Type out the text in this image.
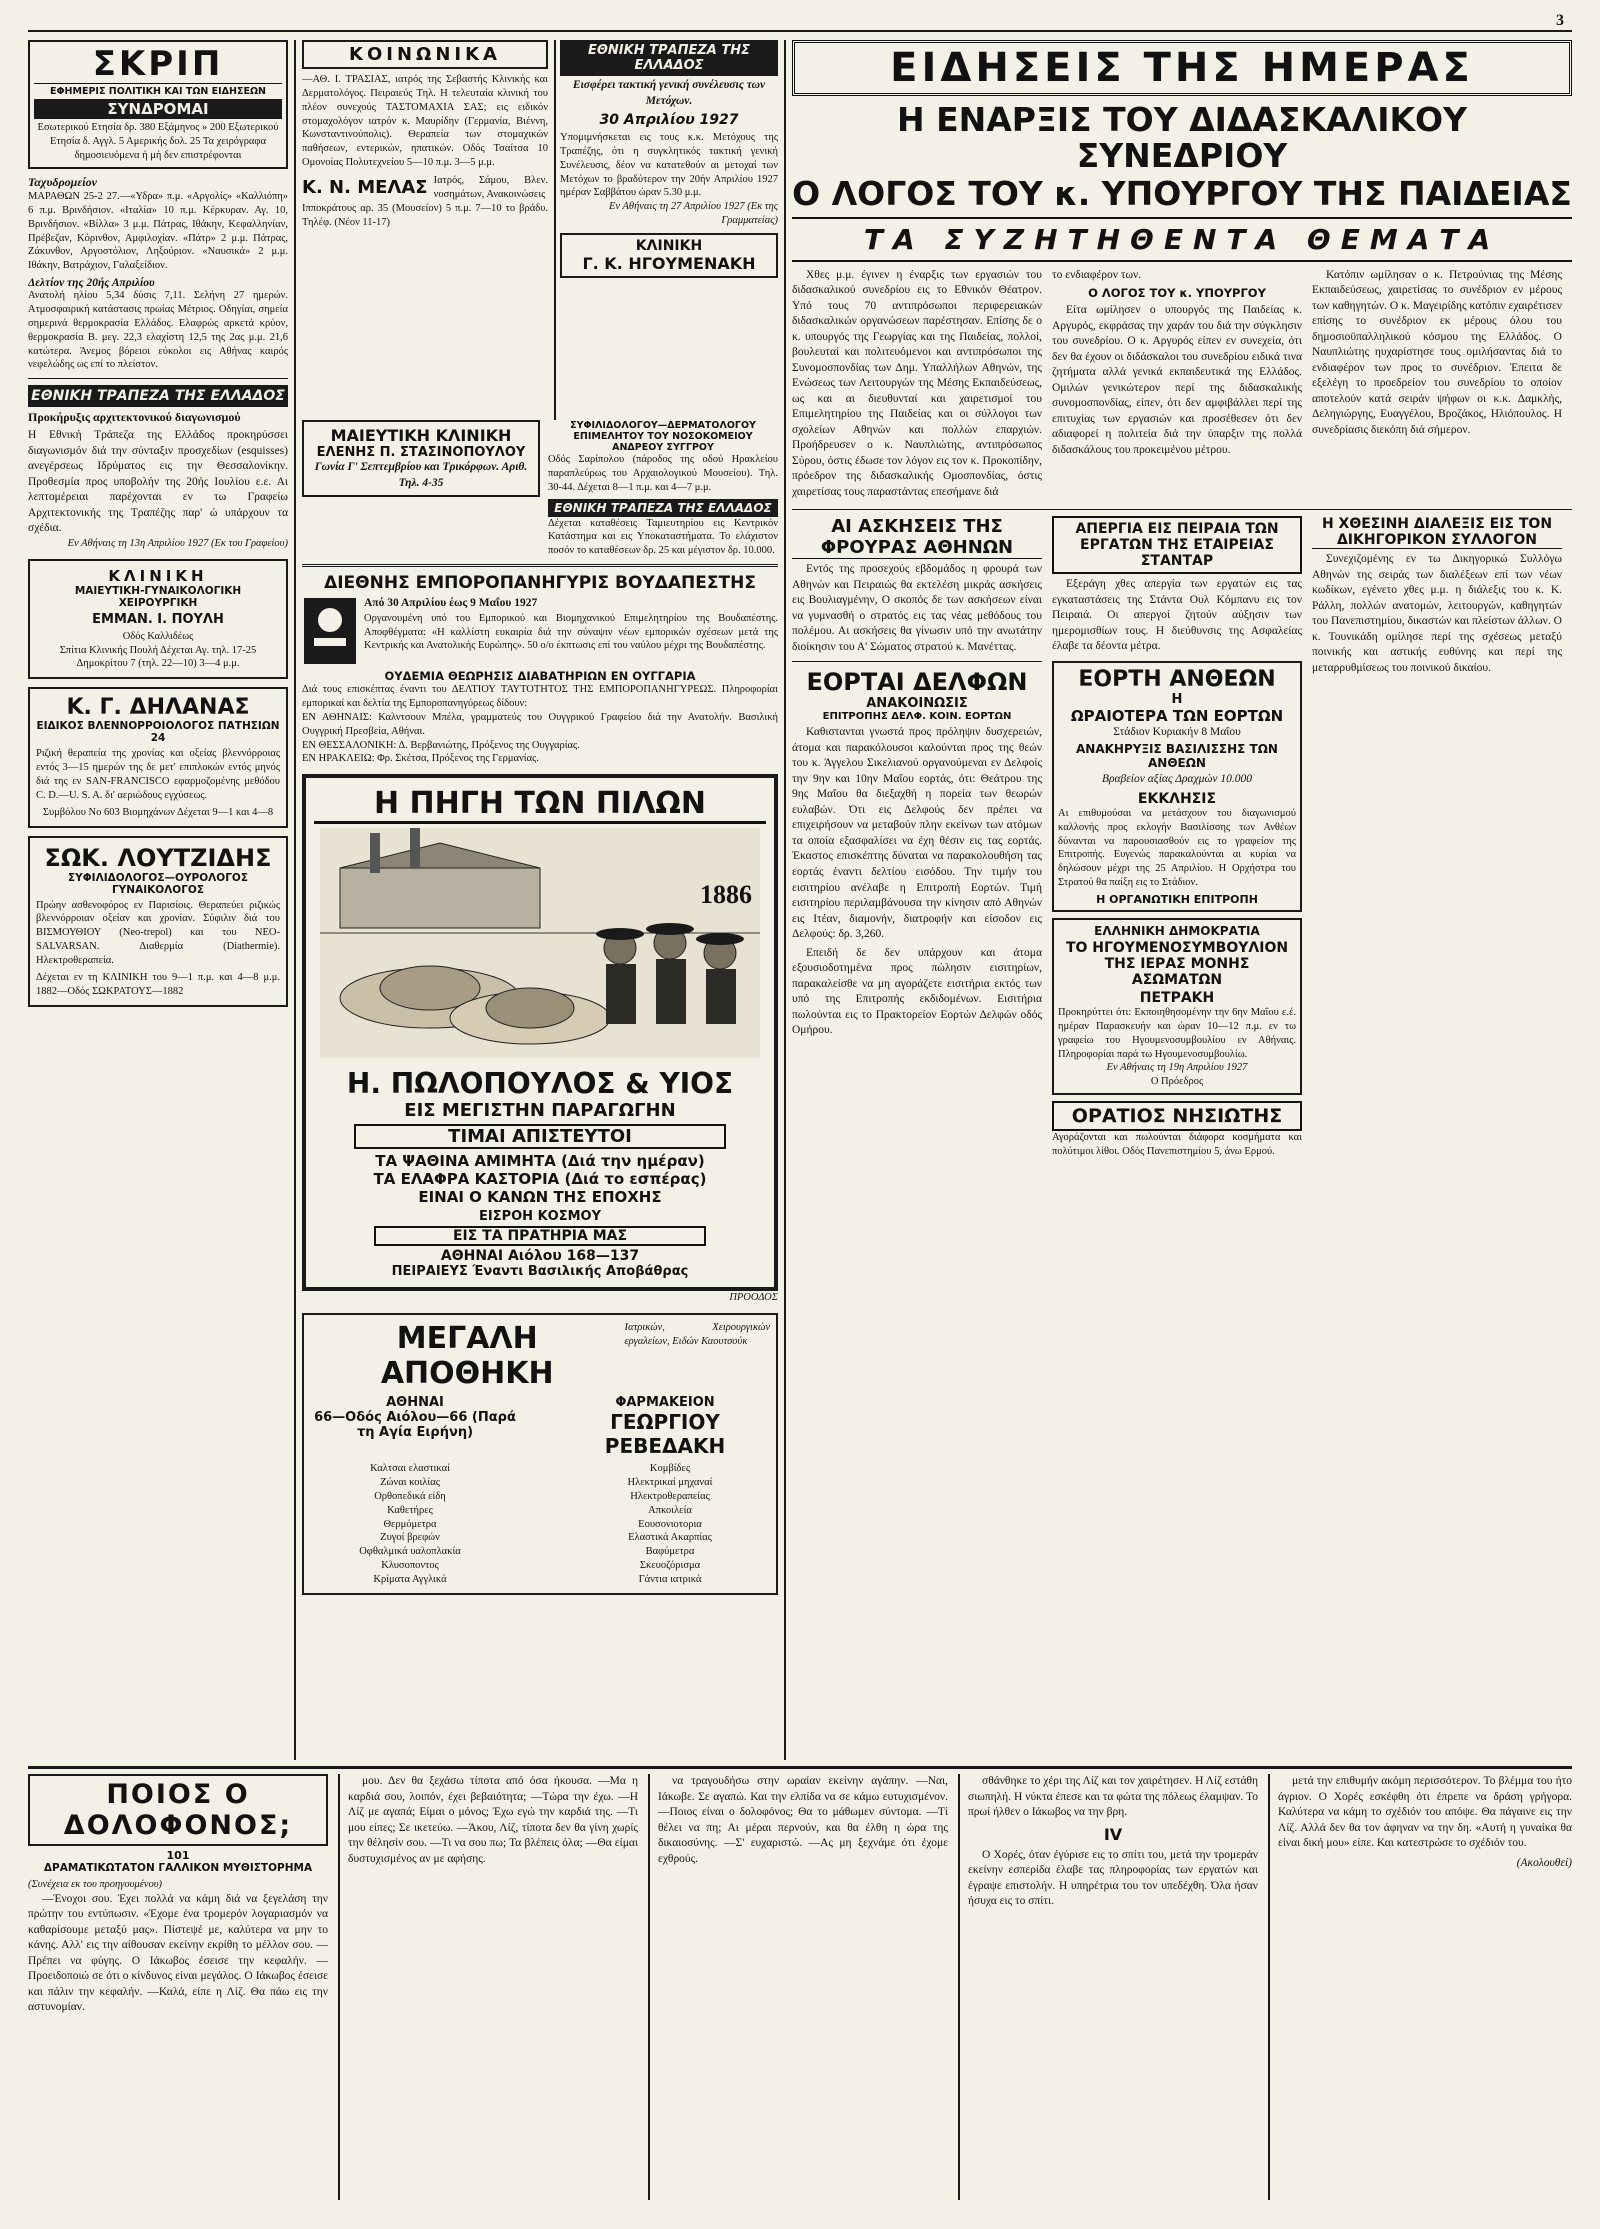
3
ΣΚΡΙΠ
ΕΦΗΜΕΡΙΣ ΠΟΛΙΤΙΚΗ ΚΑΙ ΤΩΝ ΕΙΔΗΣΕΩΝ
ΣΥΝΔΡΟΜΑΙ
Εσωτερικού Ετησία δρ. 380 Εξάμηνος » 200 Εξωτερικού Ετησία δ. Αγγλ. 5 Αμερικής δολ. 25 Τα χειρόγραφα δημοσιευόμενα ή μή δεν επιστρέφονται
Ταχυδρομείον
ΜΑΡΑΘΩΝ 25-2 27.—«Υδρα» π.μ. «Αργολίς» «Καλλιόπη» 6 π.μ. Βρινδήσιον. «Ιταλία» 10 π.μ. Κέρκυραν. Αγ. 10, Βρινδήσιον. «Βίλλα» 3 μ.μ. Πάτρας, Ιθάκην, Κεφαλληνίαν, Πρέβεζαν, Κόρινθον, Αμφιλοχίαν. «Πάτρ» 2 μ.μ. Πάτρας, Ζάκυνθον, Αργοστόλιον, Ληξούριον. «Ναυσικά» 2 μ.μ. Ιθάκην, Βατράχιον, Γαλαξείδιον.
Δελτίον της 20ής Απριλίου
Ανατολή ηλίου 5,34 δύσις 7,11. Σελήνη 27 ημερών. Ατμοσφαιρική κατάστασις πρωίας Μέτριος. Οδηγίαι, σημεία σημερινά θερμοκρασία Ελλάδος. Ελαφρώς αρκετά κρύον, θερμοκρασία Β. μεγ. 22,3 ελαχίστη 12,5 της 2ας μ.μ. 21,6 κατώτερα. Άνεμος βόρειοι εύκολοι εις Αθήνας καιρός νεφελώδης ως επί το πλείστον.
ΕΘΝΙΚΗ ΤΡΑΠΕΖΑ ΤΗΣ ΕΛΛΑΔΟΣ
Προκήρυξις αρχιτεκτονικού διαγωνισμού
Η Εθνική Τράπεζα της Ελλάδος προκηρύσσει διαγωνισμόν διά την σύνταξιν προσχεδίων (esquisses) ανεγέρσεως Ιδρύματος εις την Θεσσαλονίκην. Προθεσμία προς υποβολήν της 20ής Ιουλίου ε.ε. Αι λεπτομέρειαι παρέχονται εν τω Γραφείω Αρχιτεκτονικής της Τραπέζης παρ' ώ υπάρχουν τα σχέδια.
Εν Αθήναις τη 13η Απριλίου 1927 (Εκ του Γραφείου)
ΚΛΙΝΙΚΗ
ΜΑΙΕΥΤΙΚΗ-ΓΥΝΑΙΚΟΛΟΓΙΚΗ ΧΕΙΡΟΥΡΓΙΚΗ
ΕΜΜΑΝ. Ι. ΠΟΥΛΗ
Οδός Καλλιδέως
Σπίτια Κλινικής Πουλή Δέχεται Αγ. τηλ. 17-25 Δημοκρίτου 7 (τηλ. 22—10) 3—4 μ.μ.
Κ. Γ. ΔΗΛΑΝΑΣ
ΕΙΔΙΚΟΣ ΒΛΕΝΝΟΡΡΟΙΟΛΟΓΟΣ ΠΑΤΗΣΙΩΝ 24
Ριζική θεραπεία της χρονίας και οξείας βλεννόρροιας εντός 3—15 ημερών της δε μετ' επιπλοκών εντός μηνός διά της εν SAN-FRANCISCO εφαρμοζομένης μεθόδου C. D.—U. S. A. δι' αεριώδους εγχύσεως.
Συμβόλου Νο 603 Βιομηχάνων Δέχεται 9—1 και 4—8
ΣΩΚ. ΛΟΥΤΖΙΔΗΣ
ΣΥΦΙΛΙΔΟΛΟΓΟΣ—ΟΥΡΟΛΟΓΟΣ ΓΥΝΑΙΚΟΛΟΓΟΣ
Πρώην ασθενοφόρος εν Παρισίοις. Θεραπεύει ριζικώς βλεννόρροιαν οξείαν και χρονίαν. Σύφιλιν διά του ΒΙΣΜΟΥΘΙΟΥ (Neo-trepol) και του NEO-SALVARSAN. Διαθερμία (Diathermie). Ηλεκτροθεραπεία.
Δέχεται εν τη ΚΛΙΝΙΚΗ του 9—1 π.μ. και 4—8 μ.μ. 1882—Οδός ΣΩΚΡΑΤΟΥΣ—1882
ΚΟΙΝΩΝΙΚΑ
—ΑΘ. Ι. ΤΡΑΣΙΑΣ, ιατρός της Σεβαστής Κλινικής και Δερματολόγος. Πειραιεύς Τηλ. Η τελευταία κλινική του πλέον συνεχούς ΤΑΣΤΟΜΑΧΙΑ ΣΑΣ; εις ειδικόν στομαχολόγον ιατρόν κ. Μαυρίδην (Γερμανία, Βιέννη, Κωνσταντινούπολις). Θεραπεία των στομαχικών παθήσεων, εντερικών, ηπατικών. Οδός Τσαίτσα 10 Ομονοίας Πολυτεχνείου 5—10 π.μ. 3—5 μ.μ.
Κ. Ν. ΜΕΛΑΣ Ιατρός, Σάμου, Βλεν. νοσημάτων, Ανακοινώσεις
Ιπποκράτους αρ. 35 (Μουσείον) 5 π.μ. 7—10 το βράδυ. Τηλέφ. (Νέον 11-17)
ΕΘΝΙΚΗ ΤΡΑΠΕΖΑ ΤΗΣ ΕΛΛΑΔΟΣ
Εισφέρει τακτική γενική συνέλευσις των Μετόχων.
30 Απριλίου 1927
Υπομιμνήσκεται εις τους κ.κ. Μετόχους της Τραπέζης, ότι η συγκλητικός τακτική γενική Συνέλευσις, δέον να κατατεθούν αι μετοχαί των Μετόχων το βραδύτερον την 20ήν Απριλίου 1927 ημέραν Σαββάτου ώραν 5.30 μ.μ.
Εν Αθήναις τη 27 Απριλίου 1927 (Εκ της Γραμματείας)
ΚΛΙΝΙΚΗ
Γ. Κ. ΗΓΟΥΜΕΝΑΚΗ
ΜΑΙΕΥΤΙΚΗ ΚΛΙΝΙΚΗ
ΕΛΕΝΗΣ Π. ΣΤΑΣΙΝΟΠΟΥΛΟΥ
Γωνία Γ' Σεπτεμβρίου και Τρικόρφων. Αριθ. Τηλ. 4-35
ΣΥΦΙΛΙΔΟΛΟΓΟΥ—ΔΕΡΜΑΤΟΛΟΓΟΥ ΕΠΙΜΕΛΗΤΟΥ ΤΟΥ ΝΟΣΟΚΟΜΕΙΟΥ ΑΝΔΡΕΟΥ ΣΥΓΓΡΟΥ
Οδός Σαρίπολου (πάροδος της οδού Ηρακλείου παραπλεύρως του Αρχαιολογικού Μουσείου). Τηλ. 30-44. Δέχεται 8—1 π.μ. και 4—7 μ.μ.
ΕΘΝΙΚΗ ΤΡΑΠΕΖΑ ΤΗΣ ΕΛΛΑΔΟΣ
Δέχεται καταθέσεις Ταμιευτηρίου εις Κεντρικόν Κατάστημα και εις Υποκαταστήματα. Το ελάχιστον ποσόν το καταθέσεων δρ. 25 και μέγιστον δρ. 10.000.
ΔΙΕΘΝΗΣ ΕΜΠΟΡΟΠΑΝΗΓΥΡΙΣ ΒΟΥΔΑΠΕΣΤΗΣ
Από 30 Απριλίου έως 9 Μαΐου 1927
Οργανουμένη υπό του Εμπορικού και Βιομηχανικού Επιμελητηρίου της Βουδαπέστης. Αποφθέγματα: «Η καλλίστη ευκαιρία διά την σύναψιν νέων εμπορικών σχέσεων μετά της Κεντρικής και Ανατολικής Ευρώπης». 50 ο/ο έκπτωσις επί του ναύλου μέχρι της Βουδαπέστης.
ΟΥΔΕΜΙΑ ΘΕΩΡΗΣΙΣ ΔΙΑΒΑΤΗΡΙΩΝ ΕΝ ΟΥΓΓΑΡΙΑ
Διά τους επισκέπτας έναντι του ΔΕΛΤΙΟΥ ΤΑΥΤΟΤΗΤΟΣ ΤΗΣ ΕΜΠΟΡΟΠΑΝΗΓΥΡΕΩΣ. Πληροφορίαι εμπορικαί και δελτία της Εμποροπανηγύρεως δίδουν:
ΕΝ ΑΘΗΝΑΙΣ: Καλντσουν Μπέλα, γραμματεύς του Ουγγρικού Γραφείου διά την Ανατολήν. Βασιλική Ουγγρική Πρεσβεία, Αθήναι.
ΕΝ ΘΕΣΣΑΛΟΝΙΚΗ: Δ. Βερβανιώτης, Πρόξενος της Ουγγαρίας.
ΕΝ ΗΡΑΚΛΕΙΩ: Φρ. Σκέτσα, Πρόξενος της Γερμανίας.
Η ΠΗΓΗ ΤΩΝ ΠΙΛΩΝ
1886
Η. ΠΩΛΟΠΟΥΛΟΣ & ΥΙΟΣ
ΕΙΣ ΜΕΓΙΣΤΗΝ ΠΑΡΑΓΩΓΗΝ
ΤΙΜΑΙ ΑΠΙΣΤΕΥΤΟΙ
ΤΑ ΨΑΘΙΝΑ ΑΜΙΜΗΤΑ (Διά την ημέραν)
ΤΑ ΕΛΑΦΡΑ ΚΑΣΤΟΡΙΑ (Διά το εσπέρας)
ΕΙΝΑΙ Ο ΚΑΝΩΝ ΤΗΣ ΕΠΟΧΗΣ
ΕΙΣΡΟΗ ΚΟΣΜΟΥ
ΕΙΣ ΤΑ ΠΡΑΤΗΡΙΑ ΜΑΣ
ΑΘΗΝΑΙ Αιόλου 168—137
ΠΕΙΡΑΙΕΥΣ Έναντι Βασιλικής Αποβάθρας
ΠΡΟΟΔΟΣ
ΜΕΓΑΛΗ ΑΠΟΘΗΚΗ
Ιατρικών, Χειρουργικών εργαλείων, Ειδών Καουτσούκ
ΑΘΗΝΑΙ
66—Οδός Αιόλου—66 (Παρά τη Αγία Ειρήνη)
ΦΑΡΜΑΚΕΙΟΝ
ΓΕΩΡΓΙΟΥ ΡΕΒΕΔΑΚΗ
Καλτσαι ελαστικαί
Ζώναι κοιλίας
Ορθοπεδικά είδη
Καθετήρες
Θερμόμετρα
Ζυγοί βρεφών
Οφθαλμικά υαλοπλακία
Κλυσοποντος
Κρίματα Αγγλικά
Κομβίδες
Ηλεκτρικαί μηχαναί
Ηλεκτροθεραπείας
Απκοιλεία
Εουσονιοτορια
Ελαστικά Ακαρπίας
Βαφύμετρα
Σκευοζόρισμα
Γάντια ιατρικά
ΕΙΔΗΣΕΙΣ ΤΗΣ ΗΜΕΡΑΣ
Η ΕΝΑΡΞΙΣ ΤΟΥ ΔΙΔΑΣΚΑΛΙΚΟΥ ΣΥΝΕΔΡΙΟΥ
Ο ΛΟΓΟΣ ΤΟΥ κ. ΥΠΟΥΡΓΟΥ ΤΗΣ ΠΑΙΔΕΙΑΣ
ΤΑ ΣΥΖΗΤΗΘΕΝΤΑ ΘΕΜΑΤΑ
Χθες μ.μ. έγινεν η έναρξις των εργασιών του διδασκαλικού συνεδρίου εις το Εθνικόν Θέατρον. Υπό τους 70 αντιπρόσωποι περιφερειακών διδασκαλικών οργανώσεων παρέστησαν. Επίσης δε ο κ. υπουργός της Γεωργίας και της Παιδείας, πολλοί, βουλευταί και πολιτευόμενοι και αντιπρόσωποι της Συνομοσπονδίας των Δημ. Υπαλλήλων Αθηνών, της Ενώσεως των Λειτουργών της Μέσης Εκπαιδεύσεως, ως και αι διευθυνταί και χαιρετισμοί του Επιμελητηρίου της Παιδείας και οι σύλλογοι των σχολείων Αθηνών και πολλών επαρχιών. Προήδρευσεν ο κ. Ναυπλιώτης, αντιπρόσωπος Σύρου, όστις έδωσε τον λόγον εις τον κ. Προκοπίδην, πρόεδρον της διδασκαλικής Ομοσπονδίας, όστις χαιρετίσας τους παραστάντας επεσήμανε διά
το ενδιαφέρον των.
Ο ΛΟΓΟΣ ΤΟΥ κ. ΥΠΟΥΡΓΟΥ
Είτα ωμίλησεν ο υπουργός της Παιδείας κ. Αργυρός, εκφράσας την χαράν του διά την σύγκλησιν του συνεδρίου. Ο κ. Αργυρός είπεν εν συνεχεία, ότι δεν θα έχουν οι διδάσκαλοι του συνεδρίου ειδικά τινα ζητήματα αλλά γενικά εκπαιδευτικά της Ελλάδος. Ομιλών γενικώτερον περί της διδασκαλικής συνομοσπονδίας, είπεν, ότι δεν αμφιβάλλει περί της επιτυχίας των εργασιών και προσέθεσεν ότι δεν αδιαφορεί η πολιτεία διά την ύπαρξιν της πολλά διδασκάλους του προκειμένου μέτρου.
Κατόπιν ωμίλησαν ο κ. Πετρούνιας της Μέσης Εκπαιδεύσεως, χαιρετίσας το συνέδριον εν μέρους των καθηγητών. Ο κ. Μαγειρίδης κατόπιν εχαιρέτισεν επίσης το συνέδριον εκ μέρους όλου του δημοσιοϋπαλληλικού κόσμου της Ελλάδος. Ο Ναυπλιώτης ηυχαρίστησε τους ομιλήσαντας διά το ενδιαφέρον των προς το συνέδριον. Έπειτα δε εξελέγη το προεδρείον του συνεδρίου το οποίον αποτελούν κατά σειράν ψήφων οι κ.κ. Δαμκλής, Δεληγιώργης, Ευαγγέλου, Βροζάκος, Ηλιόπουλος. Η συνεδρίασις διεκόπη διά σήμερον.
ΑΙ ΑΣΚΗΣΕΙΣ ΤΗΣ ΦΡΟΥΡΑΣ ΑΘΗΝΩΝ
Εντός της προσεχούς εβδομάδος η φρουρά των Αθηνών και Πειραιώς θα εκτελέση μικράς ασκήσεις εις Βουλιαγμένην, Ο σκοπός δε των ασκήσεων είναι να γυμνασθή ο στρατός εις τας νέας μεθόδους του πολέμου. Αι ασκήσεις θα γίνωσιν υπό την ανωτάτην διοίκησιν του Α' Σώματος στρατού κ. Μανέττας.
ΕΟΡΤΑΙ ΔΕΛΦΩΝ
ΑΝΑΚΟΙΝΩΣΙΣ
ΕΠΙΤΡΟΠΗΣ ΔΕΛΦ. ΚΟΙΝ. ΕΟΡΤΩΝ
Καθιστανται γνωστά προς πρόληψιν δυσχερειών, άτομα και παρακόλουσοι καλούνται προς της θεών του κ. Άγγελου Σικελιανού οργανούμεναι εν Δελφοίς την 9ην και 10ην Μαΐου εορτάς, ότι: Θεάτρου της 9ης Μαΐου θα διεξαχθή η πορεία των θεωρών ευλαβών. Ότι εις Δελφούς δεν πρέπει να επιχειρήσουν να μεταβούν πλην εκείνων των ατόμων τα οποία εξασφαλίσει να έχη θέσιν εις τας εορτάς. Έκαστος επισκέπτης δύναται να παρακολουθήση τας εορτάς έναντι δελτίου εισόδου. Την τιμήν του εισιτηρίου ανέλαβε η Επιτροπή Εορτών. Τιμή εισιτηρίου περιλαμβάνουσα την κίνησιν από Αθηνών εις Ιτέαν, διαμονήν, διατροφήν και είσοδον εις Δελφούς: δρ. 3,260.
Επειδή δε δεν υπάρχουν και άτομα εξουσιοδοτημένα προς πώλησιν εισιτηρίων, παρακαλείσθε να μη αγοράζετε εισιτήρια εκτός των υπό της Επιτροπής εκδιδομένων. Εισιτήρια πωλούνται εις το Πρακτορείον Εορτών Δελφών οδός Ομήρου.
ΑΠΕΡΓΙΑ ΕΙΣ ΠΕΙΡΑΙΑ ΤΩΝ ΕΡΓΑΤΩΝ ΤΗΣ ΕΤΑΙΡΕΙΑΣ ΣΤΑΝΤΑΡ
Εξεράγη χθες απεργία των εργατών εις τας εγκαταστάσεις της Στάντα Ουλ Κόμπανυ εις τον Πειραιά. Οι απεργοί ζητούν αύξησιν των ημερομισθίων τους. Η διεύθυνσις της Ασφαλείας έλαβε τα δέοντα μέτρα.
ΕΟΡΤΗ ΑΝΘΕΩΝ
Η
ΩΡΑΙΟΤΕΡΑ ΤΩΝ ΕΟΡΤΩΝ
Στάδιον Κυριακήν 8 Μαΐου
ΑΝΑΚΗΡΥΞΙΣ ΒΑΣΙΛΙΣΣΗΣ ΤΩΝ ΑΝΘΕΩΝ
Βραβείον αξίας Δραχμών 10.000
ΕΚΚΛΗΣΙΣ
Αι επιθυμούσαι να μετάσχουν του διαγωνισμού καλλονής προς εκλογήν Βασιλίσσης των Ανθέων δύνανται να παρουσιασθούν εις το γραφείον της Επιτροπής. Ευγενώς παρακαλούνται αι κυρίαι να δηλώσουν μέχρι της 25 Απριλίου. Η Ορχήστρα του Στρατού θα παίξη εις το Στάδιον.
Η ΟΡΓΑΝΩΤΙΚΗ ΕΠΙΤΡΟΠΗ
ΕΛΛΗΝΙΚΗ ΔΗΜΟΚΡΑΤΙΑ
ΤΟ ΗΓΟΥΜΕΝΟΣΥΜΒΟΥΛΙΟΝ ΤΗΣ ΙΕΡΑΣ ΜΟΝΗΣ ΑΣΩΜΑΤΩΝ
ΠΕΤΡΑΚΗ
Προκηρύττει ότι: Εκποιηθησομένην την 6ην Μαΐου ε.έ. ημέραν Παρασκευήν και ώραν 10—12 π.μ. εν τω γραφείω του Ηγουμενοσυμβουλίου εν Αθήναις. Πληροφορίαι παρά τω Ηγουμενοσυμβουλίω.
Εν Αθήναις τη 19η Απριλίου 1927
Ο Πρόεδρος
ΟΡΑΤΙΟΣ ΝΗΣΙΩΤΗΣ
Αγοράζονται και πωλούνται διάφορα κοσμήματα και πολύτιμοι λίθοι. Οδός Πανεπιστημίου 5, άνω Ερμού.
Η ΧΘΕΣΙΝΗ ΔΙΑΛΕΞΙΣ ΕΙΣ ΤΟΝ ΔΙΚΗΓΟΡΙΚΟΝ ΣΥΛΛΟΓΟΝ
Συνεχιζομένης εν τω Δικηγορικώ Συλλόγω Αθηνών της σειράς των διαλέξεων επί των νέων κωδίκων, εγένετο χθες μ.μ. η διάλεξις του κ. Κ. Ράλλη, πολλών ανατομών, λειτουργών, καθηγητών του Πανεπιστημίου, δικαστών και πλείστων άλλων. Ο κ. Τουνικάδη ομίλησε περί της σχέσεως μεταξύ ποινικής και αστικής ευθύνης και περί της μεταρρυθμίσεως του ποινικού δικαίου.
ΠΟΙΟΣ Ο ΔΟΛΟΦΟΝΟΣ;
101
ΔΡΑΜΑΤΙΚΩΤΑΤΟΝ ΓΑΛΛΙΚΟΝ ΜΥΘΙΣΤΟΡΗΜΑ
(Συνέχεια εκ του προηγουμένου)
—Ένοχοι σου. Έχει πολλά να κάμη διά να ξεγελάση την πρώτην του εντύπωσιν. «Έχομε ένα τρομερόν λογαριασμόν να καθαρίσουμε μεταξύ μας». Πίστεψέ με, καλύτερα να μην το κάνης. Αλλ' εις την αίθουσαν εκείνην εκρίθη το μέλλον σου. —Πρέπει να φύγης. Ο Ιάκωβος έσεισε την κεφαλήν. —Προειδοποιώ σε ότι ο κίνδυνος είναι μεγάλος. Ο Ιάκωβος έσεισε και πάλιν την κεφαλήν. —Καλά, είπε η Λίζ. Θα πάω εις την αστυνομίαν.
μου. Δεν θα ξεχάσω τίποτα από όσα ήκουσα. —Μα η καρδιά σου, λοιπόν, έχει βεβαιότητα; —Τώρα την έχω. —Η Λίζ με αγαπά; Είμαι ο μόνος; Έχω εγώ την καρδιά της. —Τι μου είπες; Σε ικετεύω. —Άκου, Λίζ, τίποτα δεν θα γίνη χωρίς την θέλησίν σου. —Τι να σου πω; Τα βλέπεις όλα; —Θα είμαι δυστυχισμένος αν με αφήσης.
να τραγουδήσω στην ωραίαν εκείνην αγάπην. —Ναι, Ιάκωβε. Σε αγαπώ. Και την ελπίδα να σε κάμω ευτυχισμένον. —Ποιος είναι ο δολοφόνος; Θα το μάθωμεν σύντομα. —Τί θέλει να πη; Αι μέραι περνούν, και θα έλθη η ώρα της δικαιοσύνης. —Σ' ευχαριστώ. —Ας μη ξεχνάμε ότι έχομε εχθρούς.
σθάνθηκε το χέρι της Λίζ και τον χαιρέτησεν. Η Λίζ εστάθη σιωπηλή. Η νύκτα έπεσε και τα φώτα της πόλεως έλαμψαν. Το πρωί ήλθεν ο Ιάκωβος να την βρη.
IV
Ο Χορές, όταν έγύρισε εις το σπίτι του, μετά την τρομεράν εκείνην εσπερίδα έλαβε τας πληροφορίας των εργατών και έγραψε επιστολήν. Η υπηρέτρια του τον υπεδέχθη. Όλα ήσαν ήσυχα εις το σπίτι.
μετά την επιθυμήν ακόμη περισσότερον. Το βλέμμα του ήτο άγριον. Ο Χορές εσκέφθη ότι έπρεπε να δράση γρήγορα. Καλύτερα να κάμη το σχέδιόν του απόψε. Θα πάγαινε εις την Λίζ. Αλλά δεν θα τον άφηναν να την δη. «Αυτή η γυναίκα θα είναι δική μου» είπε. Και κατεστρώσε το σχέδιόν του.
(Ακολουθεί)
